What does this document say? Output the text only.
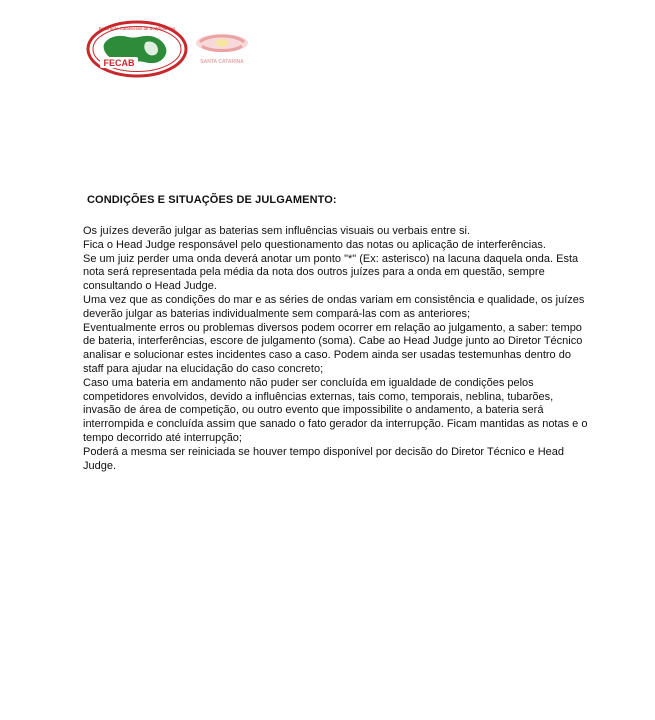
Federação Catarinense de Bodyboarding
FECAB	SANTA CATARINA
CONDIÇÕES E SITUAÇÕES DE JULGAMENTO:

Os juízes deverão julgar as baterias sem influências visuais ou verbais entre si.

Fica o Head Judge responsável pelo questionamento das notas ou aplicação de interferências.

Se um juiz perder uma onda deverá anotar um ponto "*" (Ex: asterisco) na lacuna daquela onda. Esta nota será representada pela média da nota dos outros juízes para a onda em questão, sempre consultando o Head Judge.

Uma vez que as condições do mar e as séries de ondas variam em consistência e qualidade, os juízes deverão julgar as baterias individualmente sem compará-las com as anteriores;

Eventualmente erros ou problemas diversos podem ocorrer em relação ao julgamento, a saber: tempo de bateria, interferências, escore de julgamento (soma). Cabe ao Head Judge junto ao Diretor Técnico analisar e solucionar estes incidentes caso a caso. Podem ainda ser usadas testemunhas dentro do staff para ajudar na elucidação do caso concreto;

Caso uma bateria em andamento não puder ser concluída em igualdade de condições pelos competidores envolvidos, devido a influências externas, tais como, temporais, neblina, tubarões, invasão de área de competição, ou outro evento que impossibilite o andamento, a bateria será interrompida e concluída assim que sanado o fato gerador da interrupção. Ficam mantidas as notas e o tempo decorrido até interrupção;

Poderá a mesma ser reiniciada se houver tempo disponível por decisão do Diretor Técnico e Head Judge.
